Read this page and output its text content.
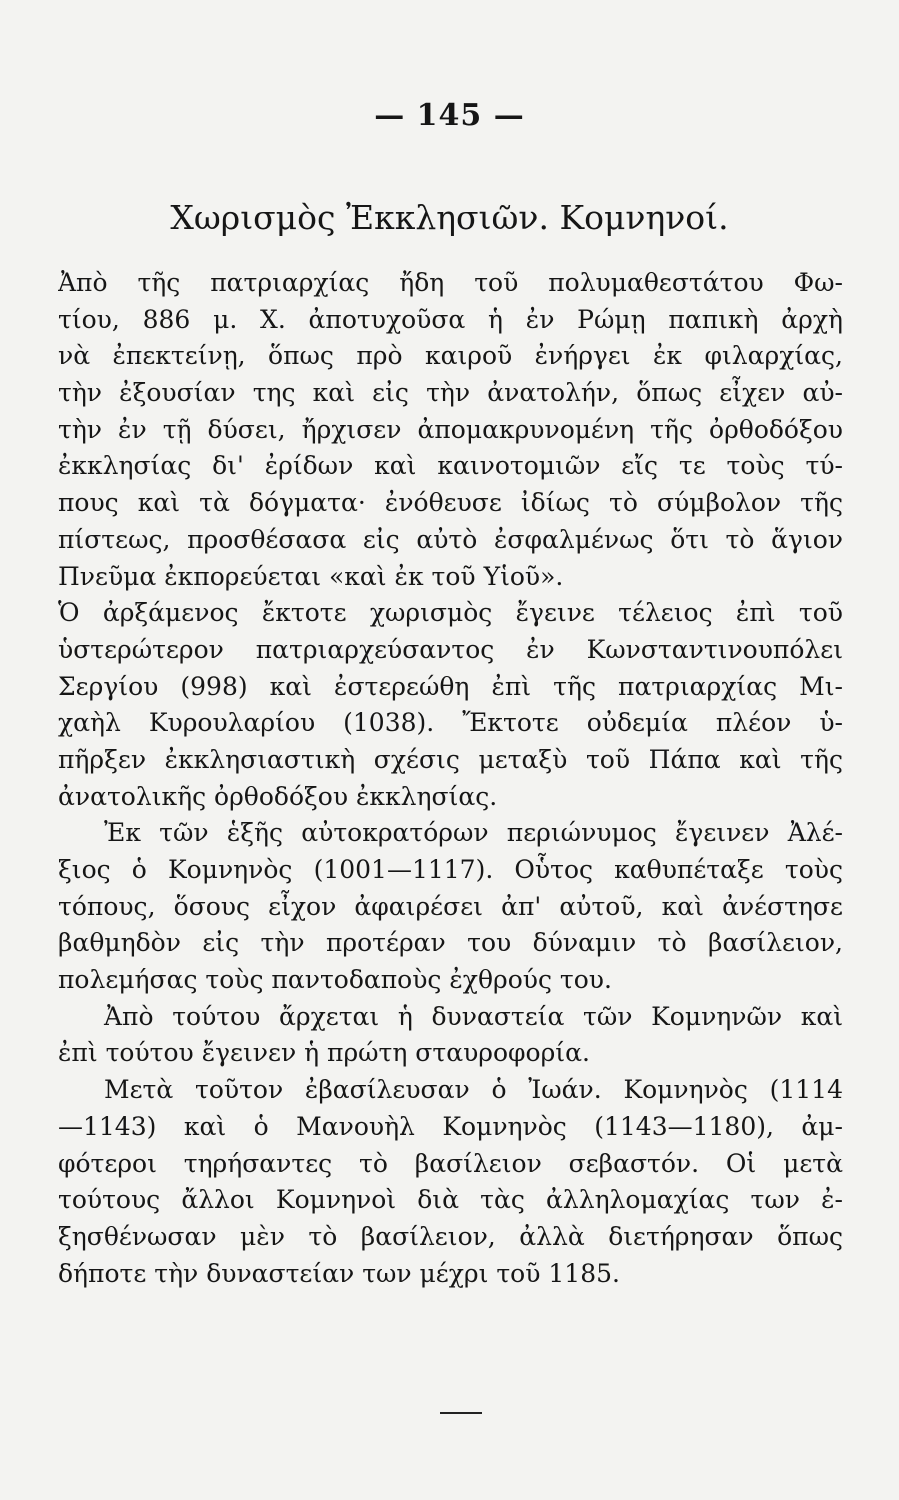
— 145 —
Χωρισμὸς Ἐκκλησιῶν. Κομνηνοί.
Ἀπὸ τῆς πατριαρχίας ἤδη τοῦ πολυμαθεστάτου Φω-
τίου, 886 μ. Χ. ἀποτυχοῦσα ἡ ἐν Ρώμῃ παπικὴ ἀρχὴ
νὰ ἐπεκτείνῃ, ὅπως πρὸ καιροῦ ἐνήργει ἐκ φιλαρχίας,
τὴν ἐξουσίαν της καὶ εἰς τὴν ἀνατολήν, ὅπως εἶχεν αὐ-
τὴν ἐν τῇ δύσει, ἤρχισεν ἀπομακρυνομένη τῆς ὀρθοδόξου
ἐκκλησίας δι' ἐρίδων καὶ καινοτομιῶν εἴς τε τοὺς τύ-
πους καὶ τὰ δόγματα· ἐνόθευσε ἰδίως τὸ σύμβολον τῆς
πίστεως, προσθέσασα εἰς αὐτὸ ἐσφαλμένως ὅτι τὸ ἅγιον
Πνεῦμα ἐκπορεύεται «καὶ ἐκ τοῦ Υἱοῦ».
Ὁ ἀρξάμενος ἔκτοτε χωρισμὸς ἔγεινε τέλειος ἐπὶ τοῦ
ὑστερώτερον πατριαρχεύσαντος ἐν Κωνσταντινουπόλει
Σεργίου (998) καὶ ἐστερεώθη ἐπὶ τῆς πατριαρχίας Μι-
χαὴλ Κυρουλαρίου (1038). Ἔκτοτε οὐδεμία πλέον ὑ-
πῆρξεν ἐκκλησιαστικὴ σχέσις μεταξὺ τοῦ Πάπα καὶ τῆς
ἀνατολικῆς ὀρθοδόξου ἐκκλησίας.
Ἐκ τῶν ἑξῆς αὐτοκρατόρων περιώνυμος ἔγεινεν Ἀλέ-
ξιος ὁ Κομνηνὸς (1001—1117). Οὗτος καθυπέταξε τοὺς
τόπους, ὅσους εἶχον ἀφαιρέσει ἀπ' αὐτοῦ, καὶ ἀνέστησε
βαθμηδὸν εἰς τὴν προτέραν του δύναμιν τὸ βασίλειον,
πολεμήσας τοὺς παντοδαποὺς ἐχθρούς του.
Ἀπὸ τούτου ἄρχεται ἡ δυναστεία τῶν Κομνηνῶν καὶ
ἐπὶ τούτου ἔγεινεν ἡ πρώτη σταυροφορία.
Μετὰ τοῦτον ἐβασίλευσαν ὁ Ἰωάν. Κομνηνὸς (1114
—1143) καὶ ὁ Μανουὴλ Κομνηνὸς (1143—1180), ἀμ-
φότεροι τηρήσαντες τὸ βασίλειον σεβαστόν. Οἱ μετὰ
τούτους ἄλλοι Κομνηνοὶ διὰ τὰς ἀλληλομαχίας των ἐ-
ξησθένωσαν μὲν τὸ βασίλειον, ἀλλὰ διετήρησαν ὅπως
δήποτε τὴν δυναστείαν των μέχρι τοῦ 1185.
